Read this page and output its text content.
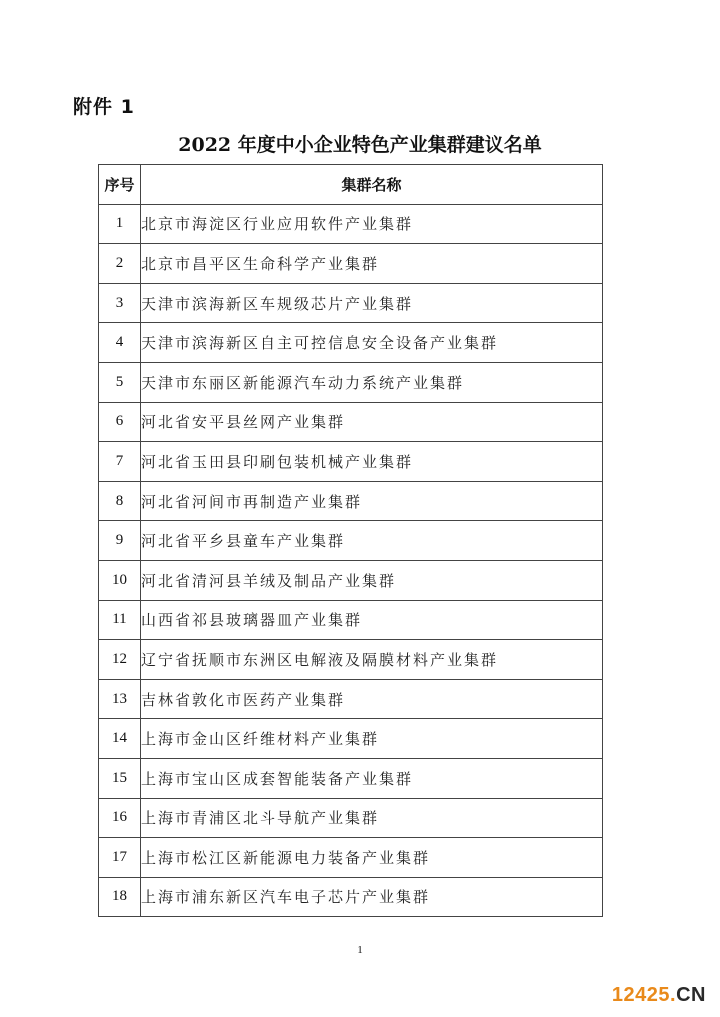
附件 1
2022 年度中小企业特色产业集群建议名单
序号	集群名称
1	北京市海淀区行业应用软件产业集群
2	北京市昌平区生命科学产业集群
3	天津市滨海新区车规级芯片产业集群
4	天津市滨海新区自主可控信息安全设备产业集群
5	天津市东丽区新能源汽车动力系统产业集群
6	河北省安平县丝网产业集群
7	河北省玉田县印刷包装机械产业集群
8	河北省河间市再制造产业集群
9	河北省平乡县童车产业集群
10	河北省清河县羊绒及制品产业集群
11	山西省祁县玻璃器皿产业集群
12	辽宁省抚顺市东洲区电解液及隔膜材料产业集群
13	吉林省敦化市医药产业集群
14	上海市金山区纤维材料产业集群
15	上海市宝山区成套智能装备产业集群
16	上海市青浦区北斗导航产业集群
17	上海市松江区新能源电力装备产业集群
18	上海市浦东新区汽车电子芯片产业集群
1
12425.CN
